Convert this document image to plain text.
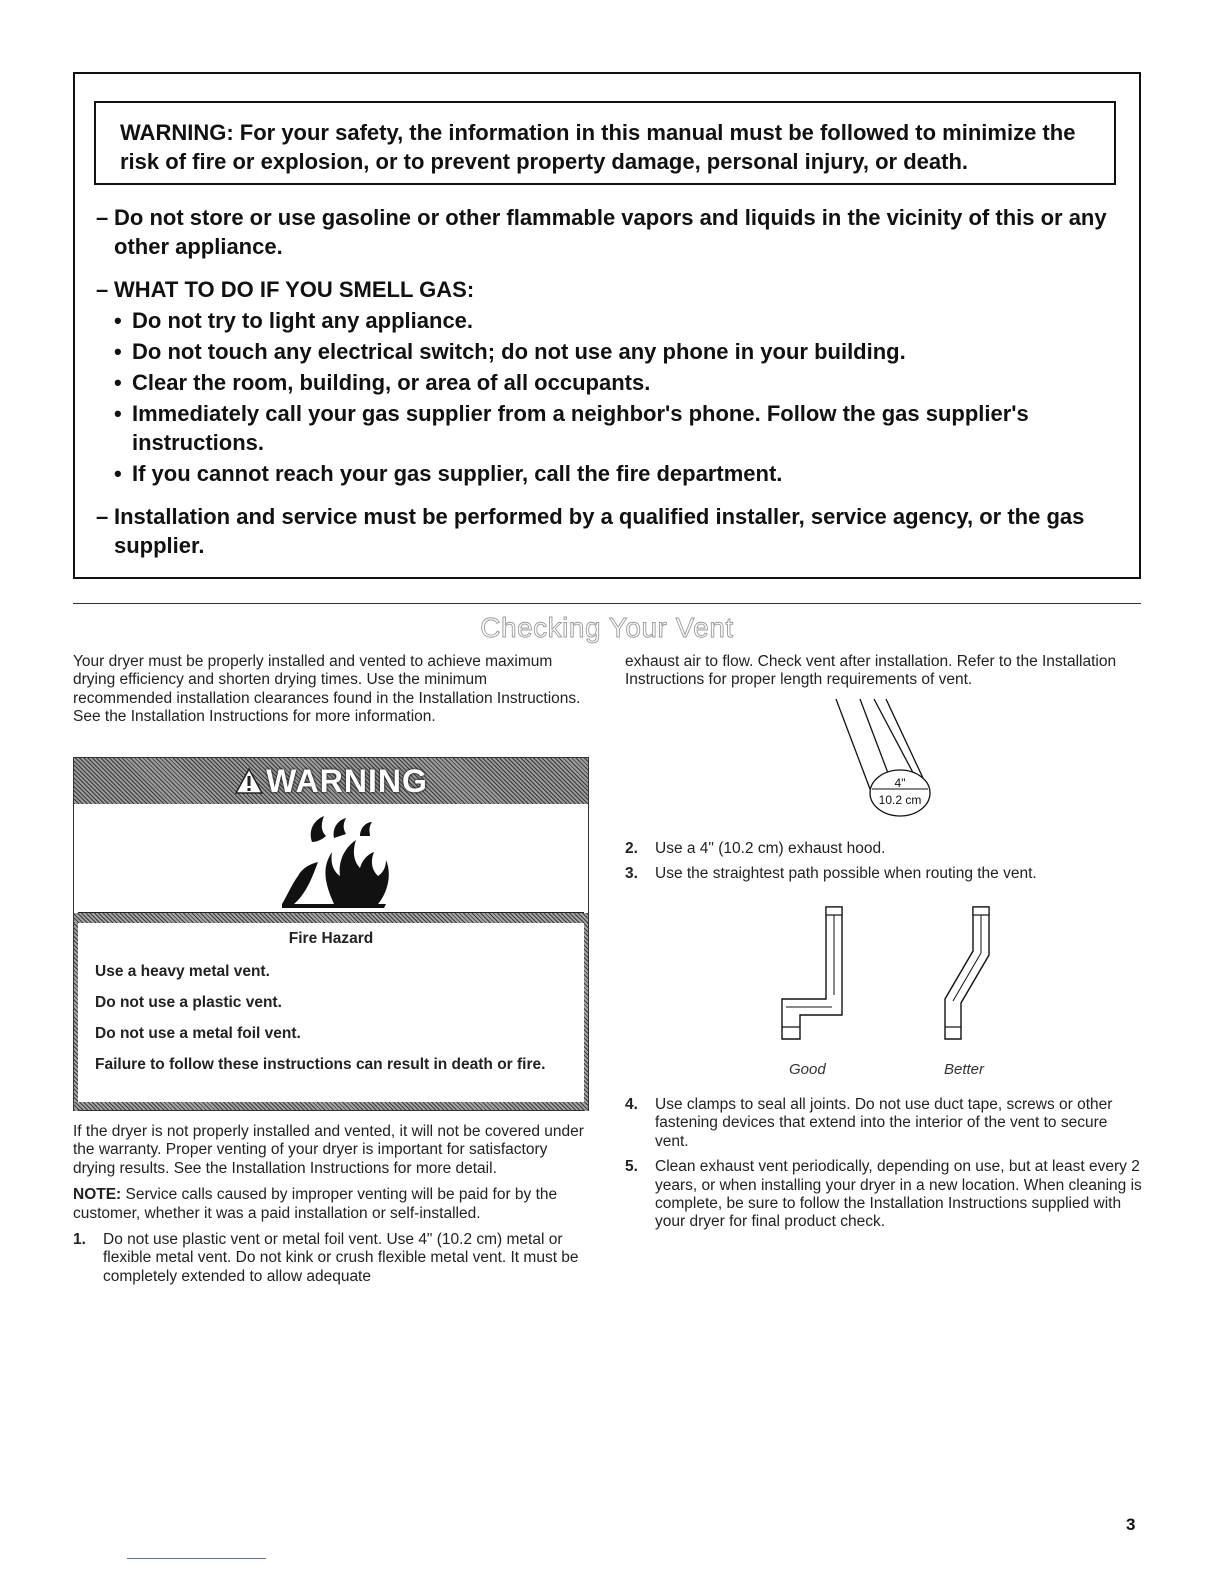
WARNING: For your safety, the information in this manual must be followed to minimize the risk of fire or explosion, or to prevent property damage, personal injury, or death.

– Do not store or use gasoline or other flammable vapors and liquids in the vicinity of this or any other appliance.
– WHAT TO DO IF YOU SMELL GAS:
• Do not try to light any appliance.
• Do not touch any electrical switch; do not use any phone in your building.
• Clear the room, building, or area of all occupants.
• Immediately call your gas supplier from a neighbor's phone. Follow the gas supplier's instructions.
• If you cannot reach your gas supplier, call the fire department.
– Installation and service must be performed by a qualified installer, service agency, or the gas supplier.
Checking Your Vent

Your dryer must be properly installed and vented to achieve maximum drying efficiency and shorten drying times. Use the minimum recommended installation clearances found in the Installation Instructions. See the Installation Instructions for more information.

WARNING
Fire Hazard
Use a heavy metal vent.
Do not use a plastic vent.
Do not use a metal foil vent.
Failure to follow these instructions can result in death or fire.

If the dryer is not properly installed and vented, it will not be covered under the warranty. Proper venting of your dryer is important for satisfactory drying results. See the Installation Instructions for more detail.

NOTE: Service calls caused by improper venting will be paid for by the customer, whether it was a paid installation or self-installed.

1. Do not use plastic vent or metal foil vent. Use 4" (10.2 cm) metal or flexible metal vent. Do not kink or crush flexible metal vent. It must be completely extended to allow adequate

exhaust air to flow. Check vent after installation. Refer to the Installation Instructions for proper length requirements of vent.

4"
10.2 cm
2. Use a 4" (10.2 cm) exhaust hood.
3. Use the straightest path possible when routing the vent.
Good	Better
4. Use clamps to seal all joints. Do not use duct tape, screws or other fastening devices that extend into the interior of the vent to secure vent.
5. Clean exhaust vent periodically, depending on use, but at least every 2 years, or when installing your dryer in a new location. When cleaning is complete, be sure to follow the Installation Instructions supplied with your dryer for final product check.
3
